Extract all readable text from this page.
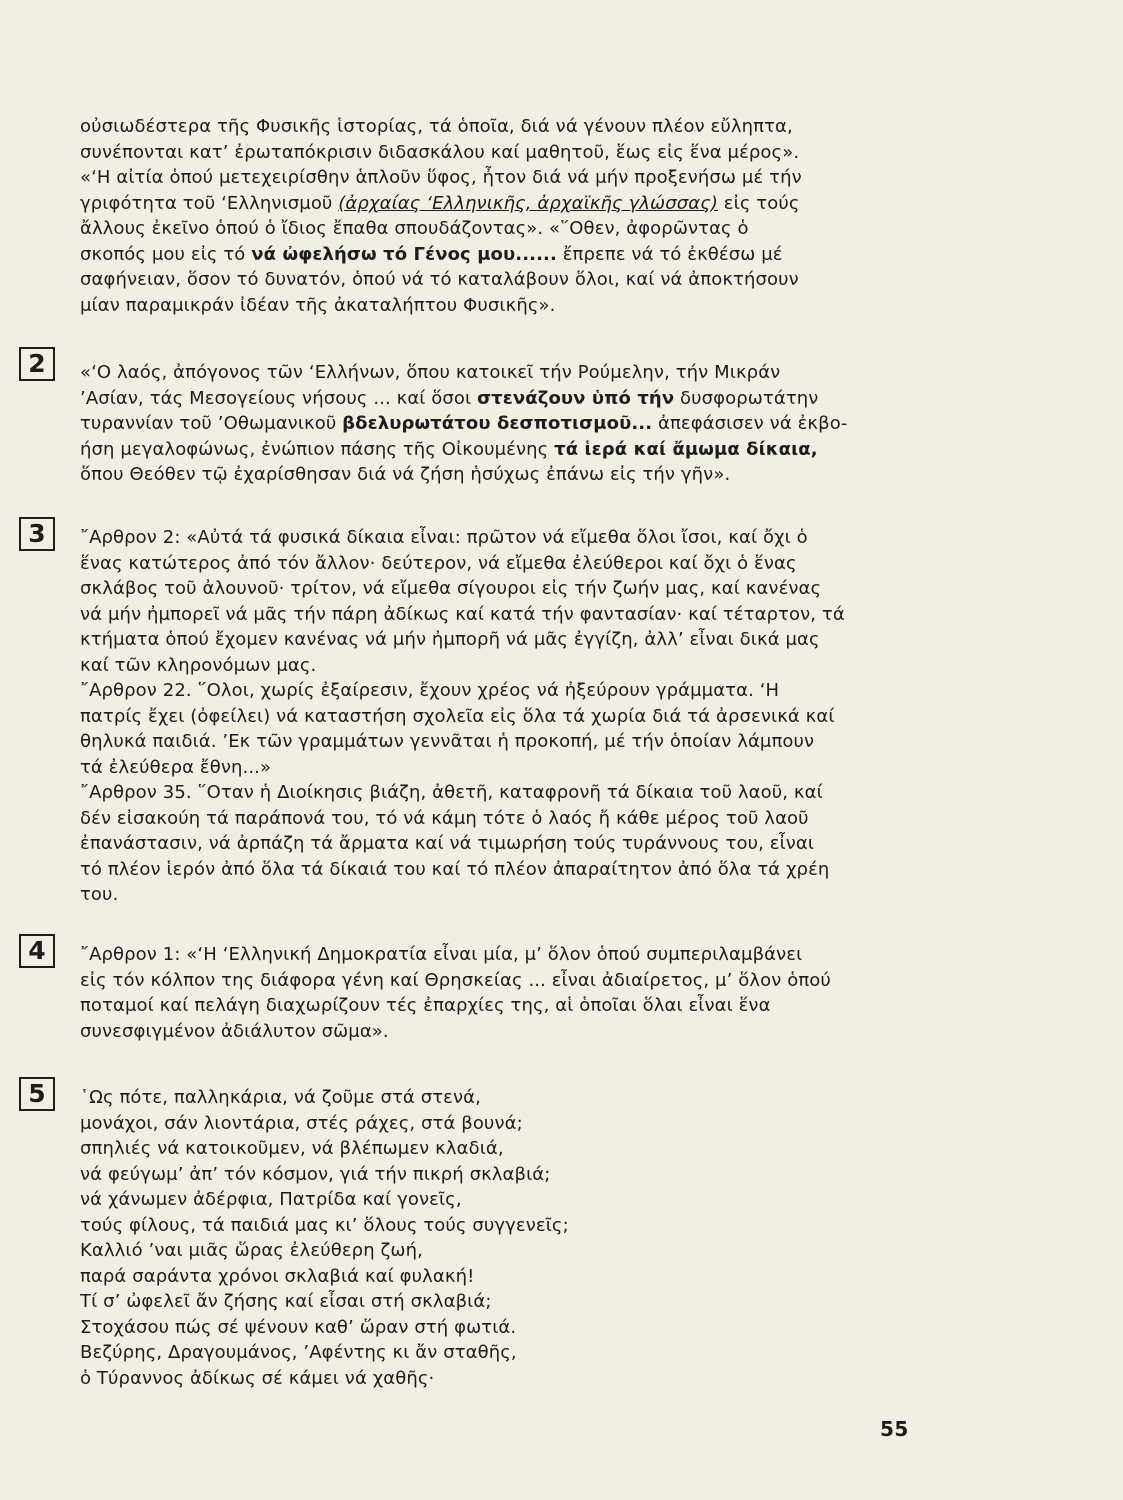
οὐσιωδέστερα τῆς Φυσικῆς ἱστορίας, τά ὁποῖα, διά νά γένουν πλέον εὔληπτα,
συνέπονται κατ’ ἐρωταπόκρισιν διδασκάλου καί μαθητοῦ, ἕως εἰς ἕνα μέρος».
«‘Η αἰτία ὁπού μετεχειρίσθην ἁπλοῦν ὕφος, ἦτον διά νά μήν προξενήσω μέ τήν
γριφότητα τοῦ ‘Ελληνισμοῦ (ἀρχαίας ‘Ελληνικῆς, ἀρχαϊκῆς γλώσσας) εἰς τούς
ἄλλους ἐκεῖνο ὁπού ὁ ἴδιος ἔπαθα σπουδάζοντας». «῞Οθεν, ἀφορῶντας ὁ
σκοπός μου εἰς τό νά ὠφελήσω τό Γένος μου...... ἔπρεπε νά τό ἐκθέσω μέ
σαφήνειαν, ὅσον τό δυνατόν, ὁπού νά τό καταλάβουν ὅλοι, καί νά ἀποκτήσουν
μίαν παραμικράν ἰδέαν τῆς ἀκαταλήπτου Φυσικῆς».
2	«‘Ο λαός, ἀπόγονος τῶν ‘Ελλήνων, ὅπου κατοικεῖ τήν Ρούμελην, τήν Μικράν
’Ασίαν, τάς Μεσογείους νήσους ... καί ὅσοι στενάζουν ὑπό τήν δυσφορωτάτην
τυραννίαν τοῦ ’Οθωμανικοῦ βδελυρωτάτου δεσποτισμοῦ... ἀπεφάσισεν νά ἐκβο-
ήση μεγαλοφώνως, ἐνώπιον πάσης τῆς Οἰκουμένης τά ἱερά καί ἄμωμα δίκαια,
ὅπου Θεόθεν τῷ ἐχαρίσθησαν διά νά ζήση ἡσύχως ἐπάνω εἰς τήν γῆν».
3	῎Αρθρον 2: «Αὐτά τά φυσικά δίκαια εἶναι: πρῶτον νά εἴμεθα ὅλοι ἴσοι, καί ὄχι ὁ
ἕνας κατώτερος ἀπό τόν ἄλλον· δεύτερον, νά εἴμεθα ἐλεύθεροι καί ὄχι ὁ ἕνας
σκλάβος τοῦ ἀλουνοῦ· τρίτον, νά εἴμεθα σίγουροι εἰς τήν ζωήν μας, καί κανένας
νά μήν ἠμπορεῖ νά μᾶς τήν πάρη ἀδίκως καί κατά τήν φαντασίαν· καί τέταρτον, τά
κτήματα ὁπού ἔχομεν κανένας νά μήν ἠμπορῆ νά μᾶς ἐγγίζη, ἀλλ’ εἶναι δικά μας
καί τῶν κληρονόμων μας.
῎Αρθρον 22. ῞Ολοι, χωρίς ἐξαίρεσιν, ἔχουν χρέος νά ἠξεύρουν γράμματα. ‘Η
πατρίς ἔχει (ὀφείλει) νά καταστήση σχολεῖα εἰς ὅλα τά χωρία διά τά ἀρσενικά καί
θηλυκά παιδιά. ’Εκ τῶν γραμμάτων γεννᾶται ἡ προκοπή, μέ τήν ὁποίαν λάμπουν
τά ἐλεύθερα ἔθνη...»
῎Αρθρον 35. ῞Οταν ἡ Διοίκησις βιάζη, ἀθετῆ, καταφρονῆ τά δίκαια τοῦ λαοῦ, καί
δέν εἰσακούη τά παράπονά του, τό νά κάμη τότε ὁ λαός ἤ κάθε μέρος τοῦ λαοῦ
ἐπανάστασιν, νά ἀρπάζη τά ἄρματα καί νά τιμωρήση τούς τυράννους του, εἶναι
τό πλέον ἱερόν ἀπό ὅλα τά δίκαιά του καί τό πλέον ἀπαραίτητον ἀπό ὅλα τά χρέη
του.
4	῎Αρθρον 1: «‘Η ‘Ελληνική Δημοκρατία εἶναι μία, μ’ ὅλον ὁπού συμπεριλαμβάνει
εἰς τόν κόλπον της διάφορα γένη καί Θρησκείας ... εἶναι ἀδιαίρετος, μ’ ὅλον ὁπού
ποταμοί καί πελάγη διαχωρίζουν τές ἐπαρχίες της, αἱ ὁποῖαι ὅλαι εἶναι ἕνα
συνεσφιγμένον ἀδιάλυτον σῶμα».
5	῾Ως πότε, παλληκάρια, νά ζοῦμε στά στενά,
μονάχοι, σάν λιοντάρια, στές ράχες, στά βουνά;
σπηλιές νά κατοικοῦμεν, νά βλέπωμεν κλαδιά,
νά φεύγωμ’ ἀπ’ τόν κόσμον, γιά τήν πικρή σκλαβιά;
νά χάνωμεν ἀδέρφια, Πατρίδα καί γονεῖς,
τούς φίλους, τά παιδιά μας κι’ ὅλους τούς συγγενεῖς;
Καλλιό ’ναι μιᾶς ὥρας ἐλεύθερη ζωή,
παρά σαράντα χρόνοι σκλαβιά καί φυλακή!
Τί σ’ ὠφελεῖ ἄν ζήσης καί εἶσαι στή σκλαβιά;
Στοχάσου πώς σέ ψένουν καθ’ ὥραν στή φωτιά.
Βεζύρης, Δραγουμάνος, ’Αφέντης κι ἄν σταθῆς,
ὁ Τύραννος ἀδίκως σέ κάμει νά χαθῆς·
55
